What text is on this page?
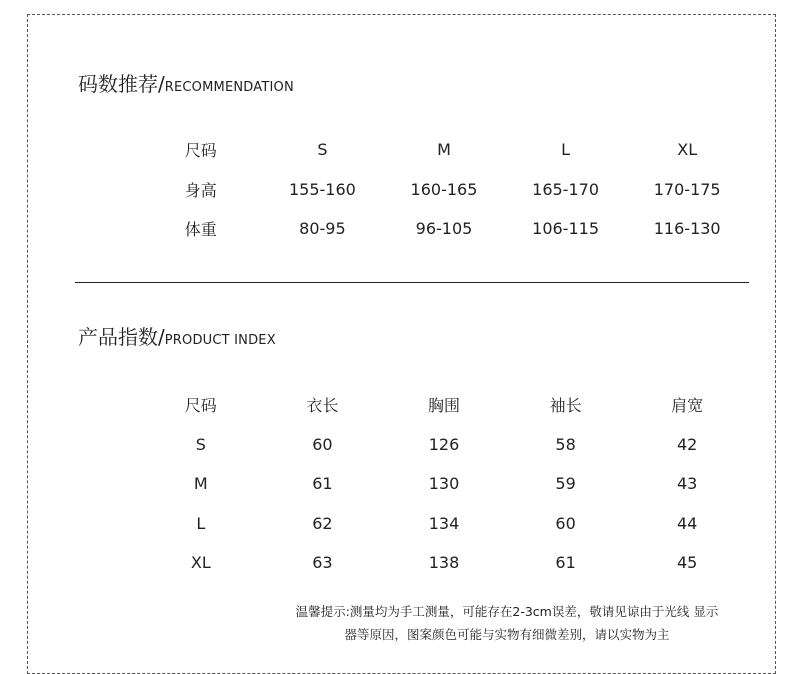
码数推荐/RECOMMENDATION
尺码	S	M	L	XL
身高	155-160	160-165	165-170	170-175
体重	80-95	96-105	106-115	116-130
产品指数/PRODUCT INDEX
尺码	衣长	胸围	袖长	肩宽
S	60	126	58	42
M	61	130	59	43
L	62	134	60	44
XL	63	138	61	45
温馨提示:测量均为手工测量，可能存在2-3cm误差，敬请见谅由于光线 显示
器等原因，图案颜色可能与实物有细微差别，请以实物为主
